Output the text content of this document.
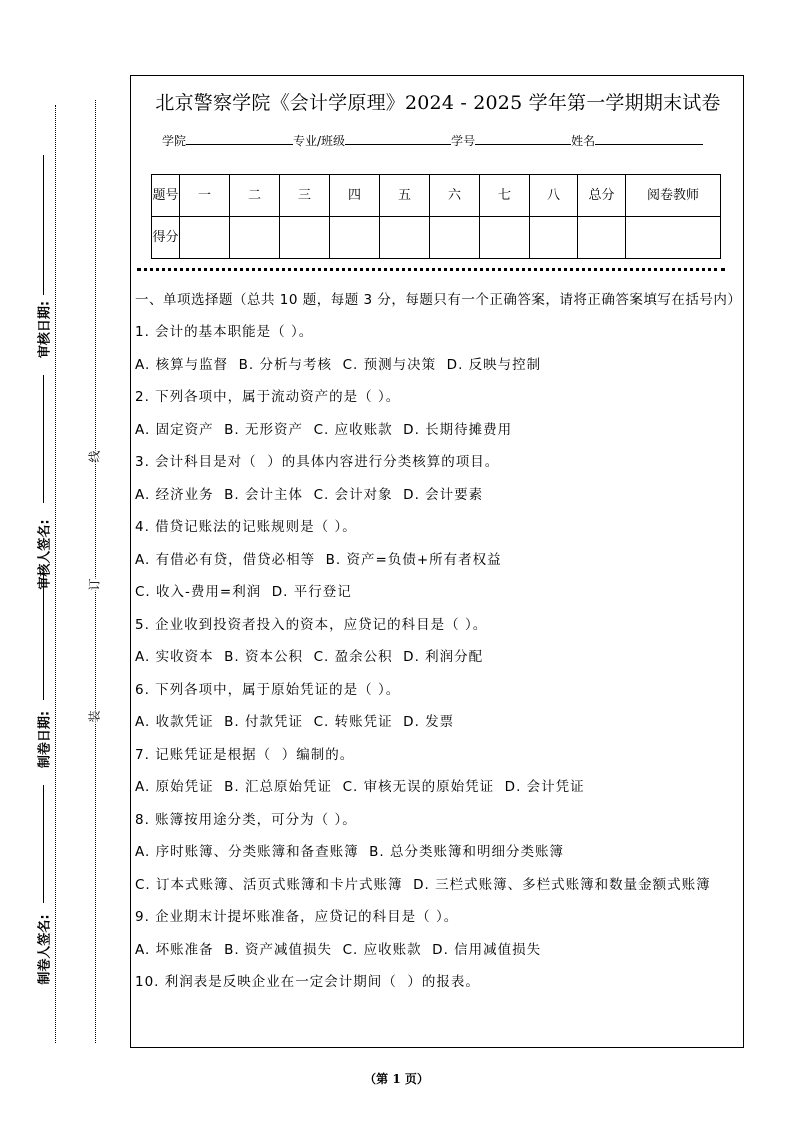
审核日期:
审核人签名:
制卷日期:
制卷人签名:
线
订
装
北京警察学院《会计学原理》2024 - 2025 学年第一学期期末试卷
学院	专业/班级	学号	姓名
题号	一	二	三	四	五	六	七	八	总分	阅卷教师
得分										
一、单项选择题（总共 10 题，每题 3 分，每题只有一个正确答案，请将正确答案填写在括号内）
1. 会计的基本职能是（ ）。
A. 核算与监督  B. 分析与考核  C. 预测与决策  D. 反映与控制
2. 下列各项中，属于流动资产的是（ ）。
A. 固定资产  B. 无形资产  C. 应收账款  D. 长期待摊费用
3. 会计科目是对（  ）的具体内容进行分类核算的项目。
A. 经济业务  B. 会计主体  C. 会计对象  D. 会计要素
4. 借贷记账法的记账规则是（ ）。
A. 有借必有贷，借贷必相等  B. 资产=负债+所有者权益
C. 收入-费用=利润  D. 平行登记
5. 企业收到投资者投入的资本，应贷记的科目是（ ）。
A. 实收资本  B. 资本公积  C. 盈余公积  D. 利润分配
6. 下列各项中，属于原始凭证的是（ ）。
A. 收款凭证  B. 付款凭证  C. 转账凭证  D. 发票
7. 记账凭证是根据（  ）编制的。
A. 原始凭证  B. 汇总原始凭证  C. 审核无误的原始凭证  D. 会计凭证
8. 账簿按用途分类，可分为（ ）。
A. 序时账簿、分类账簿和备查账簿  B. 总分类账簿和明细分类账簿
C. 订本式账簿、活页式账簿和卡片式账簿  D. 三栏式账簿、多栏式账簿和数量金额式账簿
9. 企业期末计提坏账准备，应贷记的科目是（ ）。
A. 坏账准备  B. 资产减值损失  C. 应收账款  D. 信用减值损失
10. 利润表是反映企业在一定会计期间（  ）的报表。
（第 1 页）
